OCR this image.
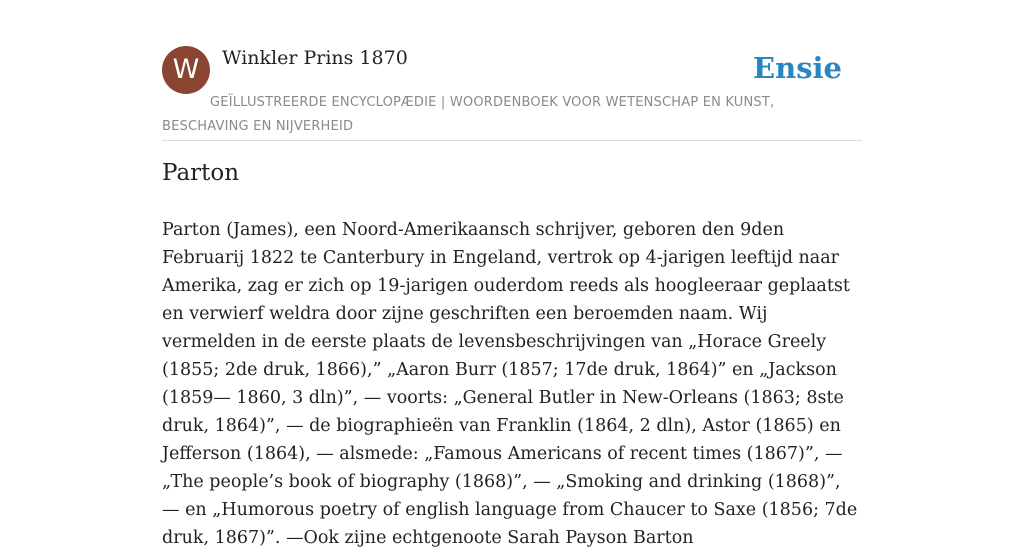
W	Winkler Prins 1870	Ensie
GEÏLLUSTREERDE ENCYCLOPÆDIE | WOORDENBOEK VOOR WETENSCHAP EN KUNST, BESCHAVING EN NIJVERHEID
Parton

Parton (James), een Noord-Amerikaansch schrijver, geboren den 9den Februarij 1822 te Canterbury in Engeland, vertrok op 4-jarigen leeftijd naar Amerika, zag er zich op 19-jarigen ouderdom reeds als hoogleeraar geplaatst en verwierf weldra door zijne geschriften een beroemden naam. Wij vermelden in de eerste plaats de levensbeschrijvingen van „Horace Greely (1855; 2de druk, 1866),” „Aaron Burr (1857; 17de druk, 1864)” en „Jackson (1859— 1860, 3 dln)”, — voorts: „General Butler in New-Orleans (1863; 8ste druk, 1864)”, — de biographieën van Franklin (1864, 2 dln), Astor (1865) en Jefferson (1864), — alsmede: „Famous Americans of recent times (1867)”, — „The people’s book of biography (1868)”, — „Smoking and drinking (1868)”, — en „Humorous poetry of english language from Chaucer to Saxe (1856; 7de druk, 1867)”. —Ook zijne echtgenoote Sarah Payson Barton
